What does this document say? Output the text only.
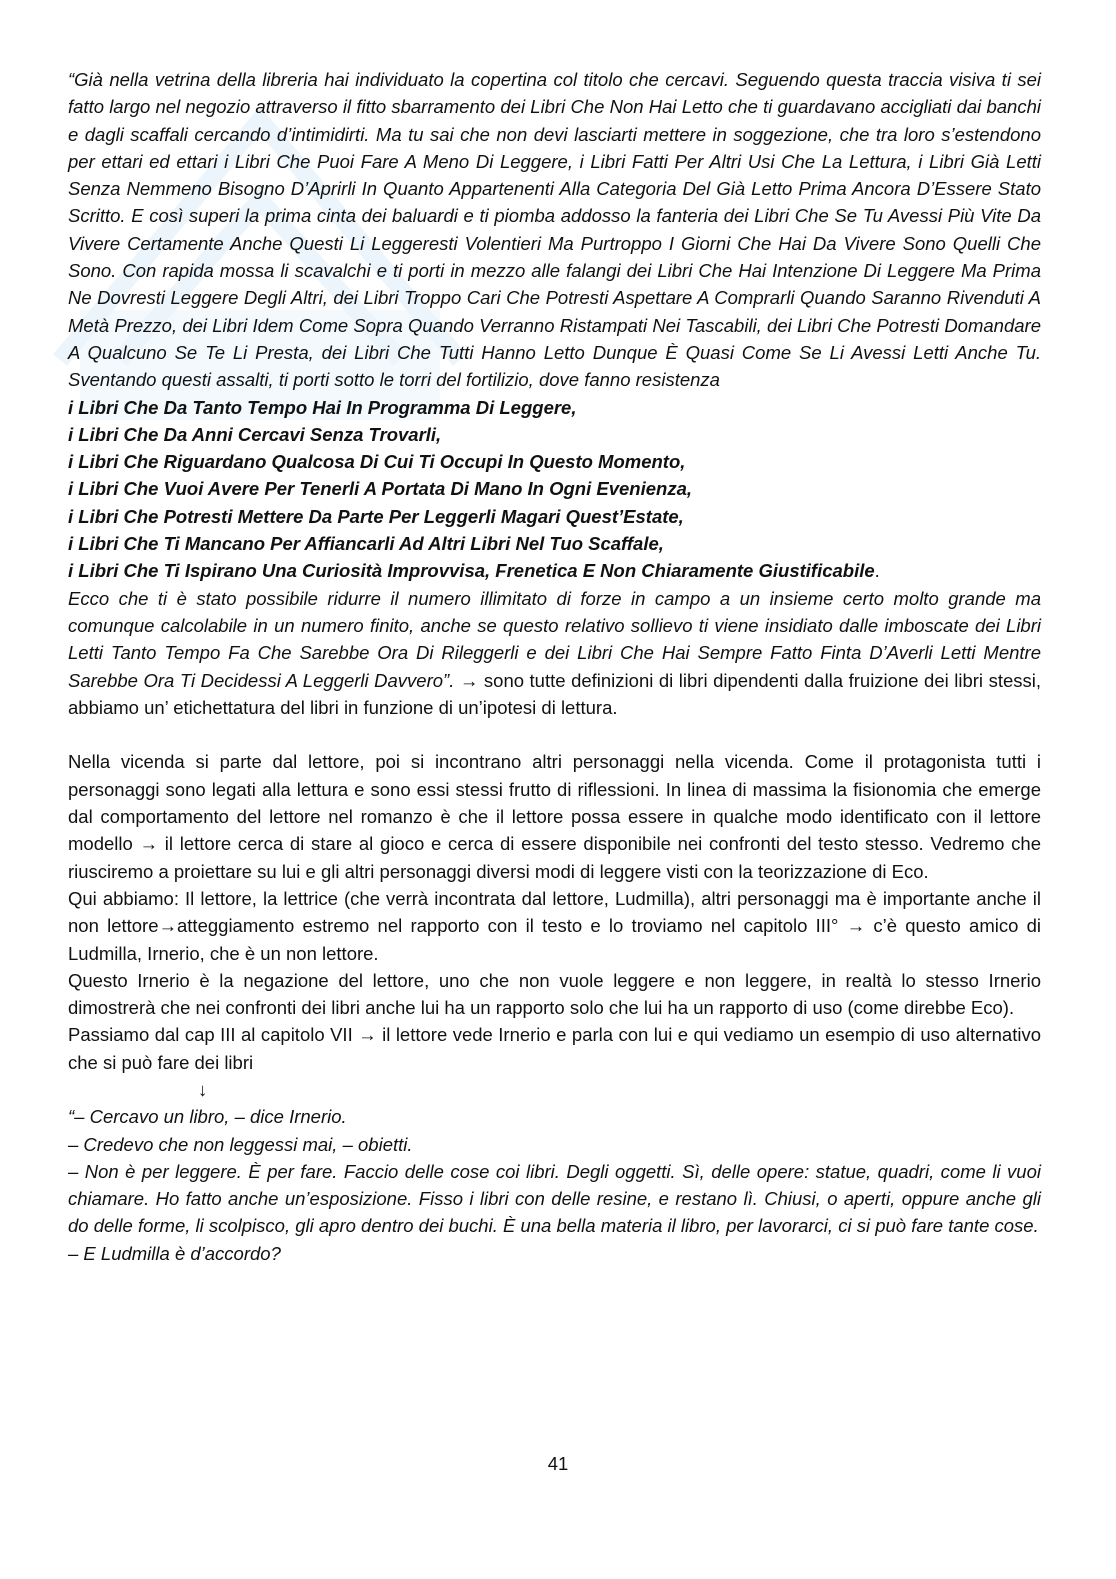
“Già nella vetrina della libreria hai individuato la copertina col titolo che cercavi. Seguendo questa traccia visiva ti sei fatto largo nel negozio attraverso il fitto sbarramento dei Libri Che Non Hai Letto che ti guardavano accigliati dai banchi e dagli scaffali cercando d’intimidirti. Ma tu sai che non devi lasciarti mettere in soggezione, che tra loro s’estendono per ettari ed ettari i Libri Che Puoi Fare A Meno Di Leggere, i Libri Fatti Per Altri Usi Che La Lettura, i Libri Già Letti Senza Nemmeno Bisogno D’Aprirli In Quanto Appartenenti Alla Categoria Del Già Letto Prima Ancora D’Essere Stato Scritto. E così superi la prima cinta dei baluardi e ti piomba addosso la fanteria dei Libri Che Se Tu Avessi Più Vite Da Vivere Certamente Anche Questi Li Leggeresti Volentieri Ma Purtroppo I Giorni Che Hai Da Vivere Sono Quelli Che Sono. Con rapida mossa li scavalchi e ti porti in mezzo alle falangi dei Libri Che Hai Intenzione Di Leggere Ma Prima Ne Dovresti Leggere Degli Altri, dei Libri Troppo Cari Che Potresti Aspettare A Comprarli Quando Saranno Rivenduti A Metà Prezzo, dei Libri Idem Come Sopra Quando Verranno Ristampati Nei Tascabili, dei Libri Che Potresti Domandare A Qualcuno Se Te Li Presta, dei Libri Che Tutti Hanno Letto Dunque È Quasi Come Se Li Avessi Letti Anche Tu. Sventando questi assalti, ti porti sotto le torri del fortilizio, dove fanno resistenza

i Libri Che Da Tanto Tempo Hai In Programma Di Leggere,
i Libri Che Da Anni Cercavi Senza Trovarli,
i Libri Che Riguardano Qualcosa Di Cui Ti Occupi In Questo Momento,
i Libri Che Vuoi Avere Per Tenerli A Portata Di Mano In Ogni Evenienza,
i Libri Che Potresti Mettere Da Parte Per Leggerli Magari Quest’Estate,
i Libri Che Ti Mancano Per Affiancarli Ad Altri Libri Nel Tuo Scaffale,
i Libri Che Ti Ispirano Una Curiosità Improvvisa, Frenetica E Non Chiaramente Giustificabile.

Ecco che ti è stato possibile ridurre il numero illimitato di forze in campo a un insieme certo molto grande ma comunque calcolabile in un numero finito, anche se questo relativo sollievo ti viene insidiato dalle imboscate dei Libri Letti Tanto Tempo Fa Che Sarebbe Ora Di Rileggerli e dei Libri Che Hai Sempre Fatto Finta D’Averli Letti Mentre Sarebbe Ora Ti Decidessi A Leggerli Davvero”. → sono tutte definizioni di libri dipendenti dalla fruizione dei libri stessi, abbiamo un’ etichettatura del libri in funzione di un’ipotesi di lettura.

Nella vicenda si parte dal lettore, poi si incontrano altri personaggi nella vicenda. Come il protagonista tutti i personaggi sono legati alla lettura e sono essi stessi frutto di riflessioni. In linea di massima la fisionomia che emerge dal comportamento del lettore nel romanzo è che il lettore possa essere in qualche modo identificato con il lettore modello → il lettore cerca di stare al gioco e cerca di essere disponibile nei confronti del testo stesso. Vedremo che riusciremo a proiettare su lui e gli altri personaggi diversi modi di leggere visti con la teorizzazione di Eco.

Qui abbiamo: Il lettore, la lettrice (che verrà incontrata dal lettore, Ludmilla), altri personaggi ma è importante anche il non lettore→atteggiamento estremo nel rapporto con il testo e lo troviamo nel capitolo III° → c’è questo amico di Ludmilla, Irnerio, che è un non lettore.

Questo Irnerio è la negazione del lettore, uno che non vuole leggere e non leggere, in realtà lo stesso Irnerio dimostrerà che nei confronti dei libri anche lui ha un rapporto solo che lui ha un rapporto di uso (come direbbe Eco).

Passiamo dal cap III al capitolo VII → il lettore vede Irnerio e parla con lui e qui vediamo un esempio di uso alternativo che si può fare dei libri

↓
“– Cercavo un libro, – dice Irnerio.
– Credevo che non leggessi mai, – obietti.

– Non è per leggere. È per fare. Faccio delle cose coi libri. Degli oggetti. Sì, delle opere: statue, quadri, come li vuoi chiamare. Ho fatto anche un’esposizione. Fisso i libri con delle resine, e restano lì. Chiusi, o aperti, oppure anche gli do delle forme, li scolpisco, gli apro dentro dei buchi. È una bella materia il libro, per lavorarci, ci si può fare tante cose.

– E Ludmilla è d’accordo?
41
